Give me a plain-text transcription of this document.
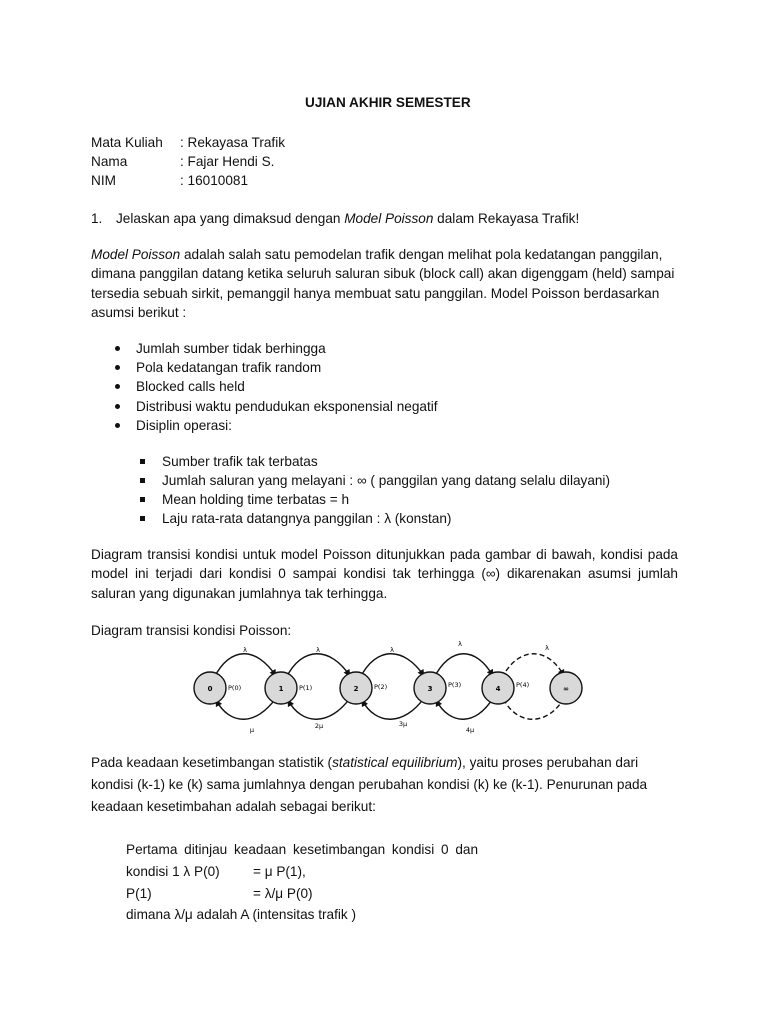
UJIAN AKHIR SEMESTER
Mata Kuliah : Rekayasa Trafik
Nama	: Fajar Hendi S.
NIM	: 16010081
1. Jelaskan apa yang dimaksud dengan Model Poisson dalam Rekayasa Trafik!
Model Poisson adalah salah satu pemodelan trafik dengan melihat pola kedatangan panggilan, dimana panggilan datang ketika seluruh saluran sibuk (block call) akan digenggam (held) sampai tersedia sebuah sirkit, pemanggil hanya membuat satu panggilan. Model Poisson berdasarkan asumsi berikut :
Jumlah sumber tidak berhingga
Pola kedatangan trafik random
Blocked calls held
Distribusi waktu pendudukan eksponensial negatif
Disiplin operasi:
Sumber trafik tak terbatas
Jumlah saluran yang melayani : ∞ ( panggilan yang datang selalu dilayani)
Mean holding time terbatas = h
Laju rata-rata datangnya panggilan : λ (konstan)
Diagram transisi kondisi untuk model Poisson ditunjukkan pada gambar di bawah, kondisi pada model ini terjadi dari kondisi 0 sampai kondisi tak terhingga (∞) dikarenakan asumsi jumlah saluran yang digunakan jumlahnya tak terhingga.
Diagram transisi kondisi Poisson:
0	1	2	3	4	∞
P(0)	P(1)	P(2)	P(3)	P(4)
λ	λ	λ
λ	λ
μ	2μ	3μ
4μ
Pada keadaan kesetimbangan statistik (statistical equilibrium), yaitu proses perubahan dari kondisi (k-1) ke (k) sama jumlahnya dengan perubahan kondisi (k) ke (k-1). Penurunan pada keadaan kesetimbahan adalah sebagai berikut:
Pertama ditinjau keadaan kesetimbangan kondisi 0 dan
kondisi 1 λ P(0) = μ P(1),
P(1)	= λ/μ P(0)
dimana λ/μ adalah A (intensitas trafik )
